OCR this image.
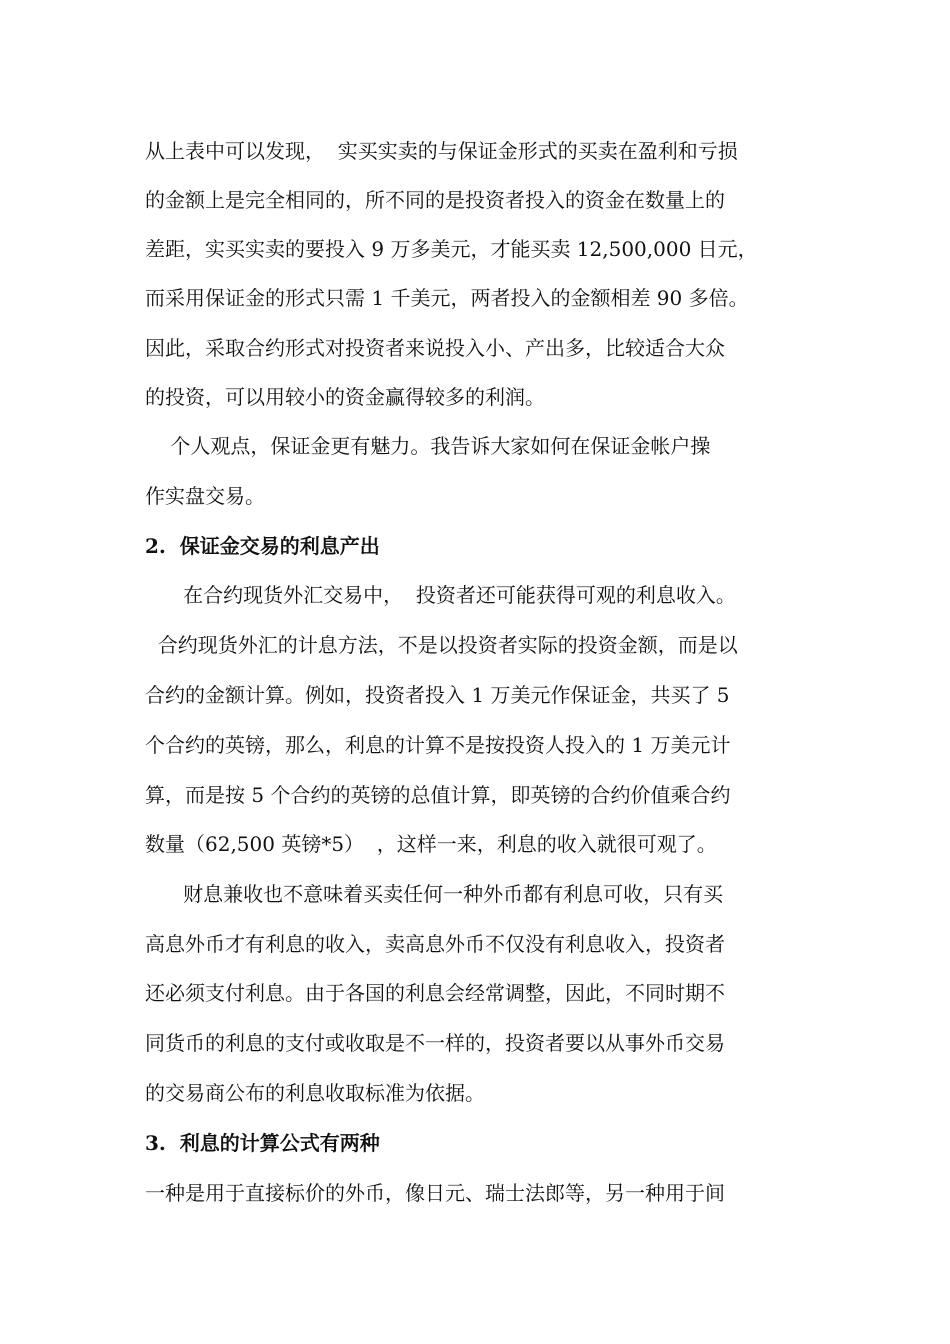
从上表中可以发现，  实买实卖的与保证金形式的买卖在盈利和亏损
的金额上是完全相同的，所不同的是投资者投入的资金在数量上的
差距，实买实卖的要投入 9 万多美元，才能买卖 12,500,000 日元，
而采用保证金的形式只需 1 千美元，两者投入的金额相差 90 多倍。
因此，采取合约形式对投资者来说投入小、产出多，比较适合大众
的投资，可以用较小的资金赢得较多的利润。
个人观点，保证金更有魅力。我告诉大家如何在保证金帐户操
作实盘交易。
2.  保证金交易的利息产出
在合约现货外汇交易中，  投资者还可能获得可观的利息收入。
合约现货外汇的计息方法，不是以投资者实际的投资金额，而是以
合约的金额计算。例如，投资者投入 1 万美元作保证金，共买了 5
个合约的英镑，那么，利息的计算不是按投资人投入的 1 万美元计
算，而是按 5 个合约的英镑的总值计算，即英镑的合约价值乘合约
数量（62,500 英镑*5）  ，这样一来，利息的收入就很可观了。
财息兼收也不意味着买卖任何一种外币都有利息可收，只有买
高息外币才有利息的收入，卖高息外币不仅没有利息收入，投资者
还必须支付利息。由于各国的利息会经常调整，因此，不同时期不
同货币的利息的支付或收取是不一样的，投资者要以从事外币交易
的交易商公布的利息收取标准为依据。
3.  利息的计算公式有两种
一种是用于直接标价的外币，像日元、瑞士法郎等，另一种用于间
